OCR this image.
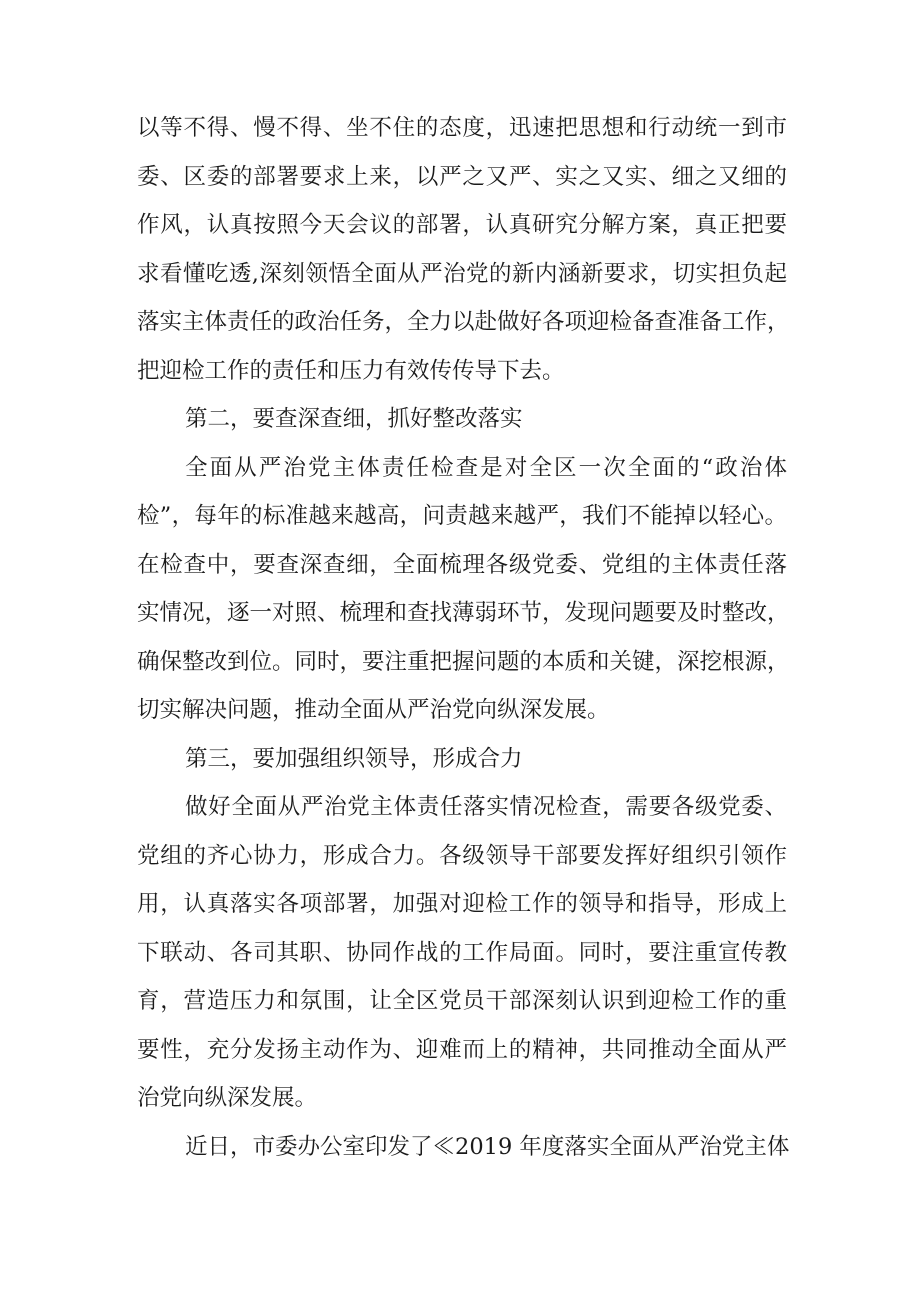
以等不得、慢不得、坐不住的态度，迅速把思想和行动统一到市
委、区委的部署要求上来，以严之又严、实之又实、细之又细的
作风，认真按照今天会议的部署，认真研究分解方案，真正把要
求看懂吃透,深刻领悟全面从严治党的新内涵新要求，切实担负起
落实主体责任的政治任务，全力以赴做好各项迎检备查准备工作，
把迎检工作的责任和压力有效传传导下去。
第二，要查深查细，抓好整改落实
全面从严治党主体责任检查是对全区一次全面的“政治体
检”，每年的标准越来越高，问责越来越严，我们不能掉以轻心。
在检查中，要查深查细，全面梳理各级党委、党组的主体责任落
实情况，逐一对照、梳理和查找薄弱环节，发现问题要及时整改，
确保整改到位。同时，要注重把握问题的本质和关键，深挖根源，
切实解决问题，推动全面从严治党向纵深发展。
第三，要加强组织领导，形成合力
做好全面从严治党主体责任落实情况检查，需要各级党委、
党组的齐心协力，形成合力。各级领导干部要发挥好组织引领作
用，认真落实各项部署，加强对迎检工作的领导和指导，形成上
下联动、各司其职、协同作战的工作局面。同时，要注重宣传教
育，营造压力和氛围，让全区党员干部深刻认识到迎检工作的重
要性，充分发扬主动作为、迎难而上的精神，共同推动全面从严
治党向纵深发展。
近日，市委办公室印发了≪2019 年度落实全面从严治党主体
